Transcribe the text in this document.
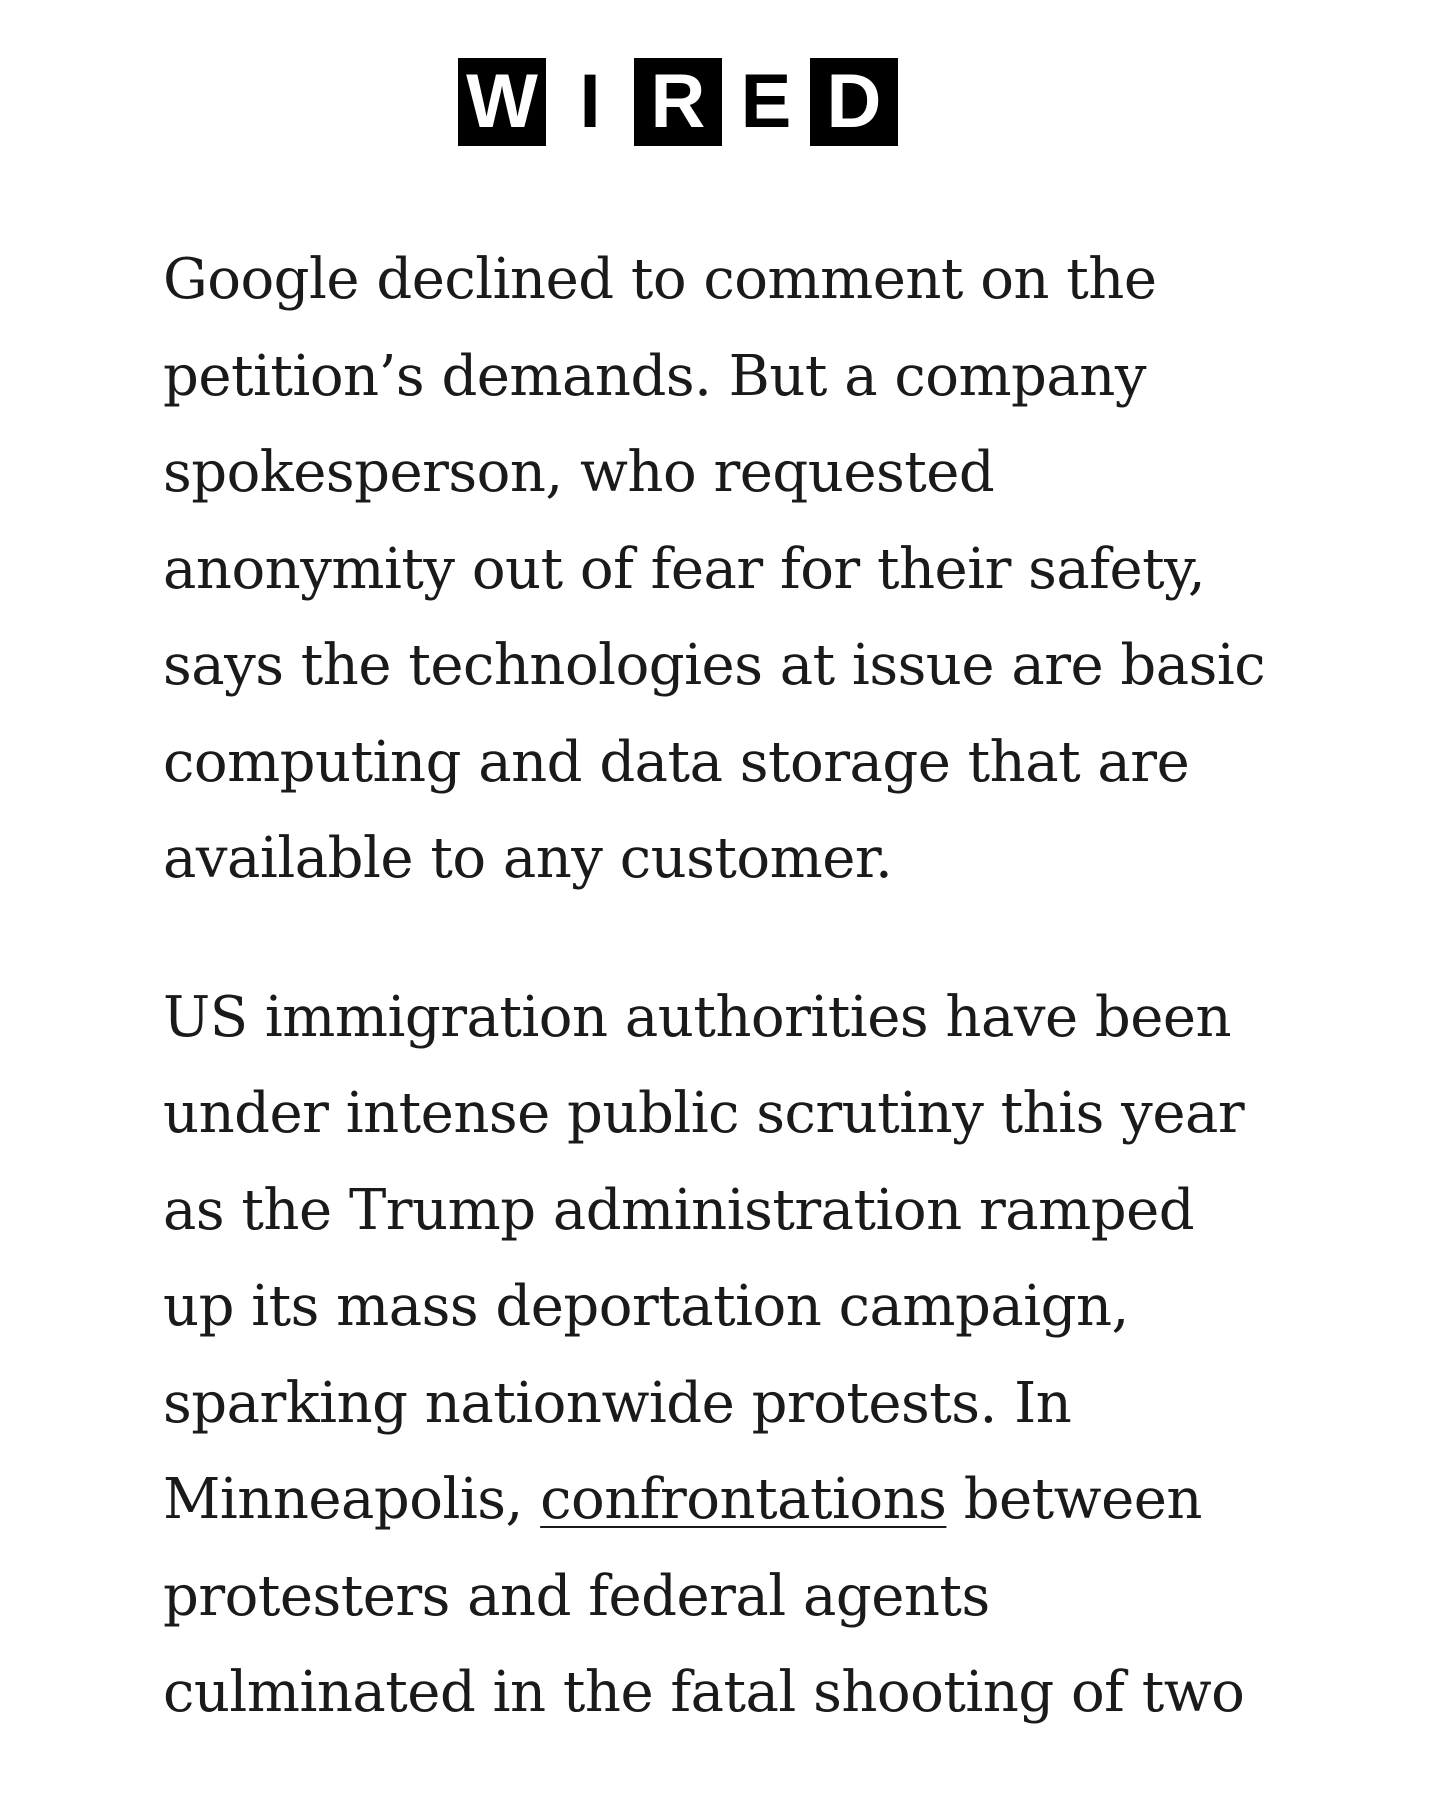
W I R E D

Google declined to comment on the
petition’s demands. But a company
spokesperson, who requested
anonymity out of fear for their safety,
says the technologies at issue are basic
computing and data storage that are
available to any customer.

US immigration authorities have been
under intense public scrutiny this year
as the Trump administration ramped
up its mass deportation campaign,
sparking nationwide protests. In
Minneapolis, confrontations between
protesters and federal agents
culminated in the fatal shooting of two
